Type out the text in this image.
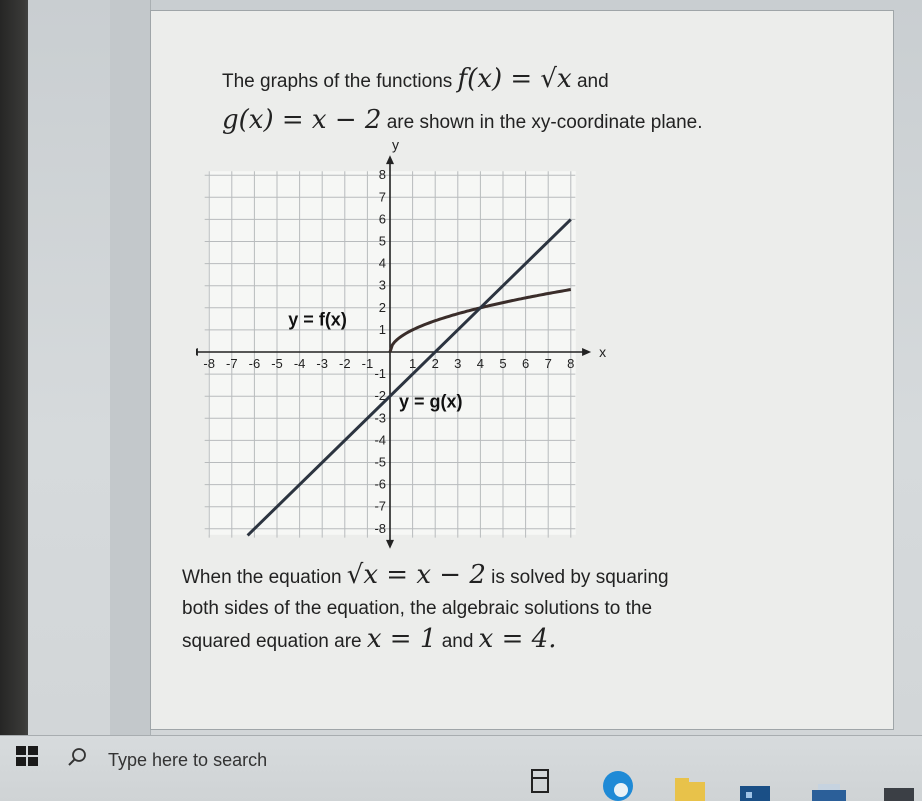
The graphs of the functions f(x) = √x and
g(x) = x − 2 are shown in the xy-coordinate plane.
-8 -7 -6 -5 -4 -3 -2 -1	1 2 3 4 5 6 7 8
8
7
6
5
4
3
2
1
-1
-2
-3
-4
-5
-6
-7
-8
x
y
y = f(x)
y = g(x)
When the equation √x = x − 2 is solved by squaring
both sides of the equation, the algebraic solutions to the
squared equation are x = 1 and x = 4.
Type here to search
